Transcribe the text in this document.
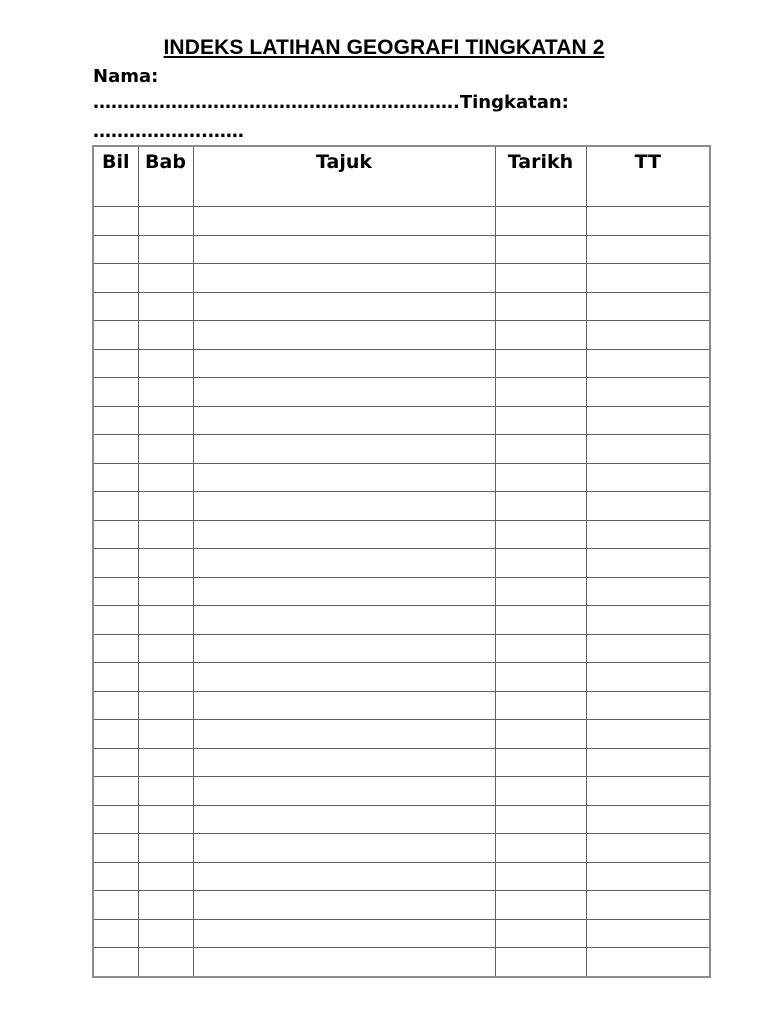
INDEKS LATIHAN GEOGRAFI TINGKATAN 2
Nama:
…………………………………………………….Tingkatan:
……………….……
Bil	Bab	Tajuk	Tarikh	TT
